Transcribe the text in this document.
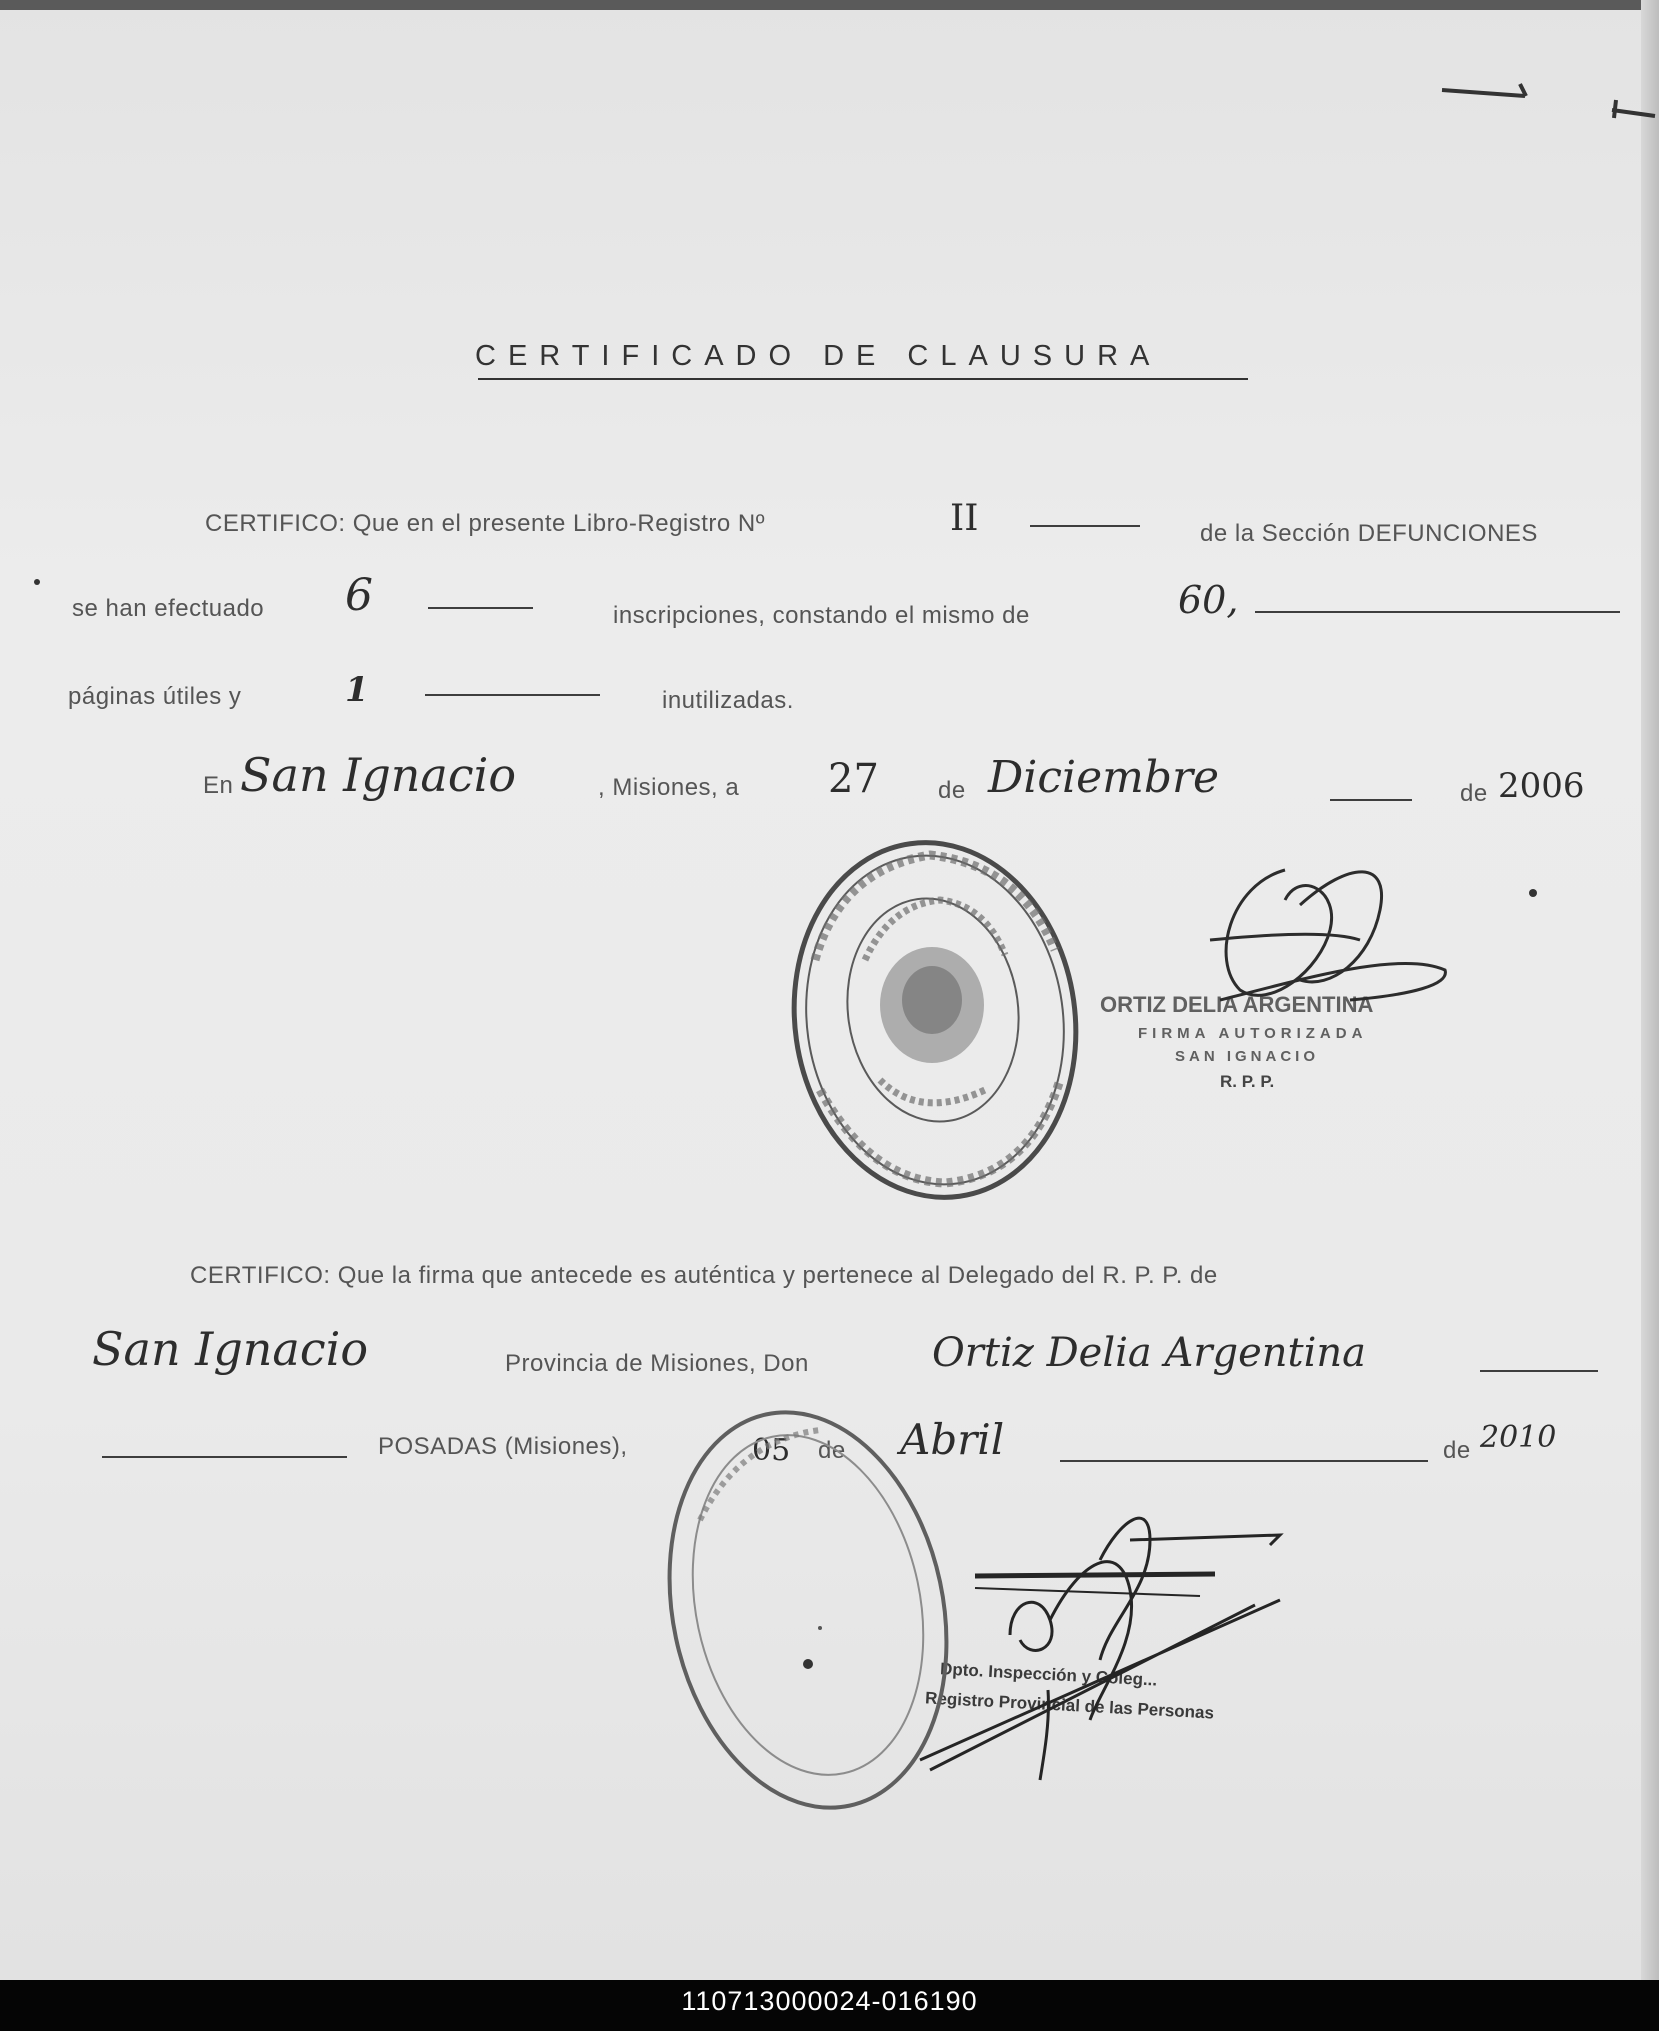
CERTIFICADO DE CLAUSURA
CERTIFICO: Que en el presente Libro-Registro Nº	II	de la Sección DEFUNCIONES
se han efectuado 6	inscripciones, constando el mismo de	60,
páginas útiles y	1	inutilizadas.
En San Ignacio	, Misiones, a 27 de Diciembre	de 2006
ORTIZ DELIA ARGENTINA
FIRMA AUTORIZADA
SAN IGNACIO
R. P. P.
CERTIFICO: Que la firma que antecede es auténtica y pertenece al Delegado del R. P. P. de
San Ignacio	Provincia de Misiones, Don	Ortiz Delia Argentina
POSADAS (Misiones),	05 de Abril	de 2010
Dpto. Inspección y Coleg...
Registro Provincial de las Personas
110713000024-016190
